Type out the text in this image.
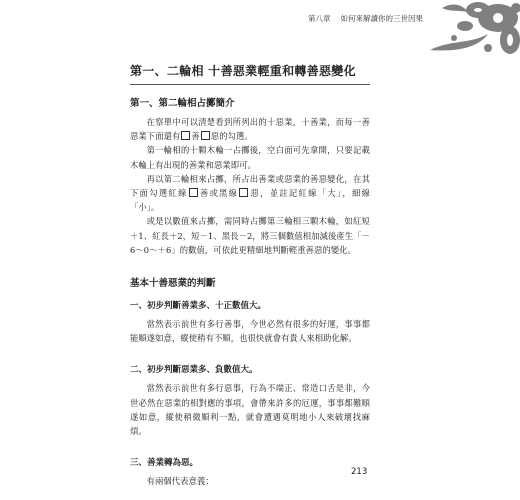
第八章 如何來解讀你的三世因果
第一、二輪相 十善惡業輕重和轉善惡變化
第一、第二輪相占擲簡介

在察單中可以清楚看到所列出的十惡業，十善業，而每一善惡業下面還有 善 惡的勾選。

第一輪相的十顆木輪一占擲後，空白面可先拿開，只要記載木輪上有出現的善業和惡業即可。

再以第二輪相來占擲，所占出善業或惡業的善惡變化，在其下面勾選紅線 善或黑線 惡，並註記紅線「大」，細線「小」。

或是以數值來占擲，需同時占擲第三輪相三顆木輪，如紅短＋1、紅長＋2，短－1、黑長－2，將三個數值相加減後產生「－6～0～＋6」的數值，可依此更精細地判斷輕重善惡的變化。

基本十善惡業的判斷
一、初步判斷善業多、十正數值大。

當然表示前世有多行善事，今世必然有很多的好運，事事都能順遂如意，縱使稍有不順，也很快就會有貴人來相助化解。

二、初步判斷惡業多、負數值大。

當然表示前世有多行惡事，行為不端正、常造口舌是非，今世必然在惡業的相對應的事項，會帶來許多的厄運，事事都難順遂如意，縱使稍微順利一點，就會遭遇莫明地小人來破壞找麻煩。

三、善業轉為惡。

有兩個代表意義：

213
